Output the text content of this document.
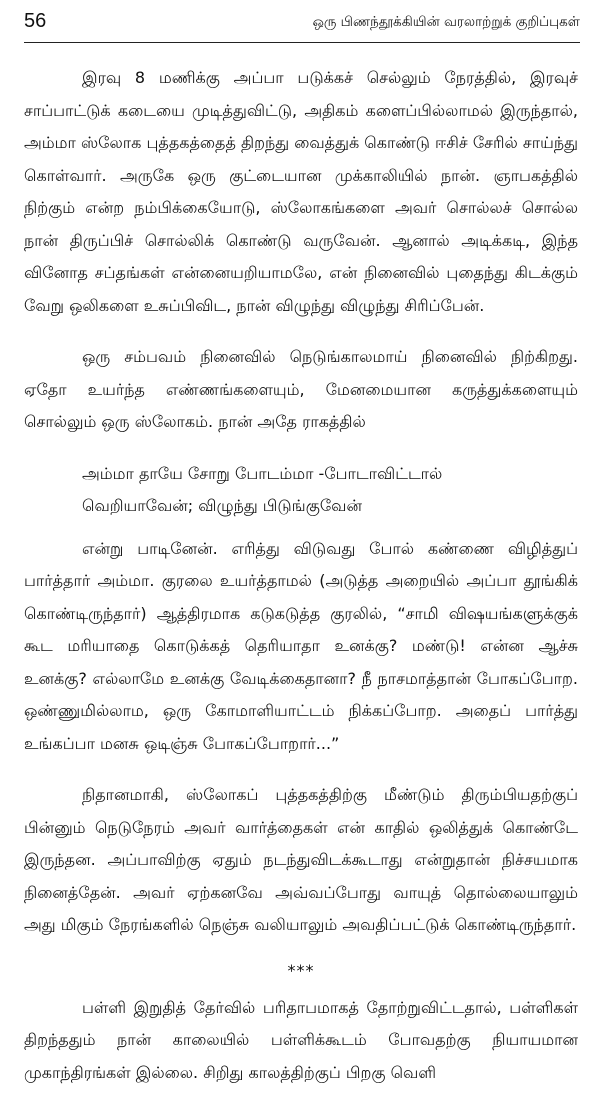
56	ஒரு பிணந்தூக்கியின் வரலாற்றுக் குறிப்புகள்

இரவு 8 மணிக்கு அப்பா படுக்கச் செல்லும் நேரத்தில், இரவுச் சாப்பாட்டுக் கடையை முடித்துவிட்டு, அதிகம் களைப்பில்லாமல் இருந்தால், அம்மா ஸ்லோக புத்தகத்தைத் திறந்து வைத்துக் கொண்டு ஈசிச் சேரில் சாய்ந்து கொள்வார். அருகே ஒரு குட்டையான முக்காலியில் நான். ஞாபகத்தில் நிற்கும் என்ற நம்பிக்கையோடு, ஸ்லோகங்களை அவர் சொல்லச் சொல்ல நான் திருப்பிச் சொல்லிக் கொண்டு வருவேன். ஆனால் அடிக்கடி, இந்த வினோத சப்தங்கள் என்னையறியாமலே, என் நினைவில் புதைந்து கிடக்கும் வேறு ஒலிகளை உசுப்பிவிட, நான் விழுந்து விழுந்து சிரிப்பேன்.

ஒரு சம்பவம் நினைவில் நெடுங்காலமாய் நினைவில் நிற்கிறது. ஏதோ உயர்ந்த எண்ணங்களையும், மேனமையான கருத்துக்களையும் சொல்லும் ஒரு ஸ்லோகம். நான் அதே ராகத்தில்

அம்மா தாயே சோறு போடம்மா -போடாவிட்டால்
வெறியாவேன்; விழுந்து பிடுங்குவேன்

என்று பாடினேன். எரித்து விடுவது போல் கண்ணை விழித்துப் பார்த்தார் அம்மா. குரலை உயர்த்தாமல் (அடுத்த அறையில் அப்பா தூங்கிக் கொண்டிருந்தார்) ஆத்திரமாக கடுகடுத்த குரலில், “சாமி விஷயங்களுக்குக் கூட மரியாதை கொடுக்கத் தெரியாதா உனக்கு? மண்டு! என்ன ஆச்சு உனக்கு? எல்லாமே உனக்கு வேடிக்கைதானா? நீ நாசமாத்தான் போகப்போற. ஒண்ணுமில்லாம, ஒரு கோமாளியாட்டம் நிக்கப்போற. அதைப் பார்த்து உங்கப்பா மனசு ஒடிஞ்சு போகப்போறார்...”

நிதானமாகி, ஸ்லோகப் புத்தகத்திற்கு மீண்டும் திரும்பியதற்குப் பின்னும் நெடுநேரம் அவர் வார்த்தைகள் என் காதில் ஒலித்துக் கொண்டே இருந்தன. அப்பாவிற்கு ஏதும் நடந்துவிடக்கூடாது என்றுதான் நிச்சயமாக நினைத்தேன். அவர் ஏற்கனவே அவ்வப்போது வாயுத் தொல்லையாலும் அது மிகும் நேரங்களில் நெஞ்சு வலியாலும் அவதிப்பட்டுக் கொண்டிருந்தார்.

***

பள்ளி இறுதித் தேர்வில் பரிதாபமாகத் தோற்றுவிட்டதால், பள்ளிகள் திறந்ததும் நான் காலையில் பள்ளிக்கூடம் போவதற்கு நியாயமான முகாந்திரங்கள் இல்லை. சிறிது காலத்திற்குப் பிறகு வெளி
